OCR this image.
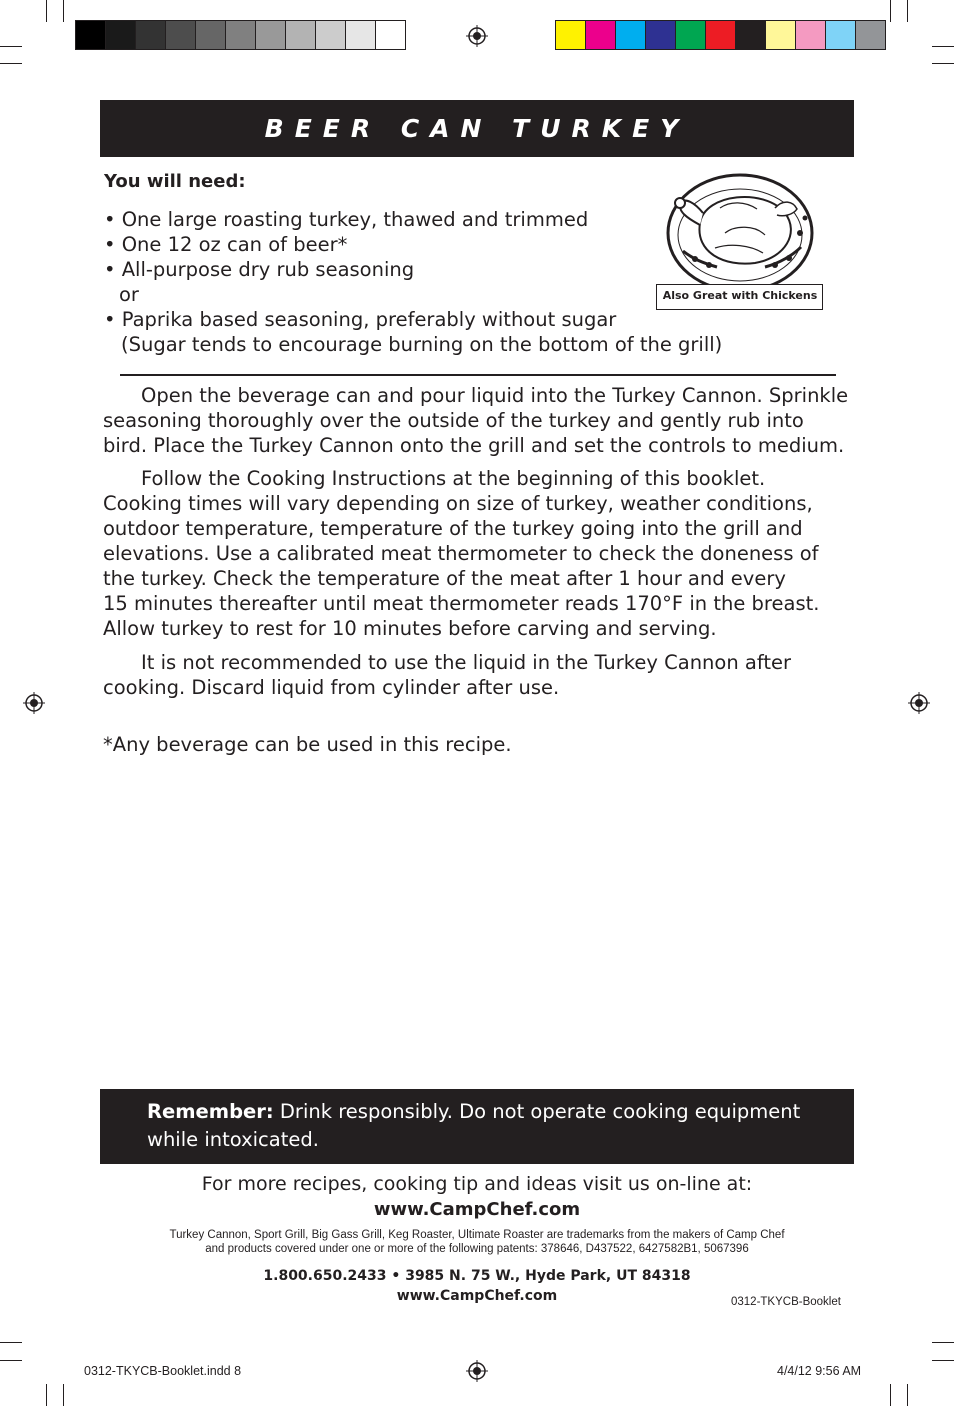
BEER CAN TURKEY
You will need:
• One large roasting turkey, thawed and trimmed
• One 12 oz can of beer*
• All-purpose dry rub seasoning
or
• Paprika based seasoning, preferably without sugar
(Sugar tends to encourage burning on the bottom of the grill)
Also Great with Chickens
Open the beverage can and pour liquid into the Turkey Cannon. Sprinkle
seasoning thoroughly over the outside of the turkey and gently rub into
bird. Place the Turkey Cannon onto the grill and set the controls to medium.
Follow the Cooking Instructions at the beginning of this booklet.
Cooking times will vary depending on size of turkey, weather conditions,
outdoor temperature, temperature of the turkey going into the grill and
elevations. Use a calibrated meat thermometer to check the doneness of
the turkey. Check the temperature of the meat after 1 hour and every
15 minutes thereafter until meat thermometer reads 170°F in the breast.
Allow turkey to rest for 10 minutes before carving and serving.
It is not recommended to use the liquid in the Turkey Cannon after
cooking. Discard liquid from cylinder after use.
*Any beverage can be used in this recipe.
Remember: Drink responsibly. Do not operate cooking equipment
while intoxicated.
For more recipes, cooking tip and ideas visit us on-line at:
www.CampChef.com
Turkey Cannon, Sport Grill, Big Gass Grill, Keg Roaster, Ultimate Roaster are trademarks from the makers of Camp Chef
and products covered under one or more of the following patents: 378646, D437522, 6427582B1, 5067396
1.800.650.2433 • 3985 N. 75 W., Hyde Park, UT 84318
www.CampChef.com	0312-TKYCB-Booklet
0312-TKYCB-Booklet.indd 8	4/4/12 9:56 AM
